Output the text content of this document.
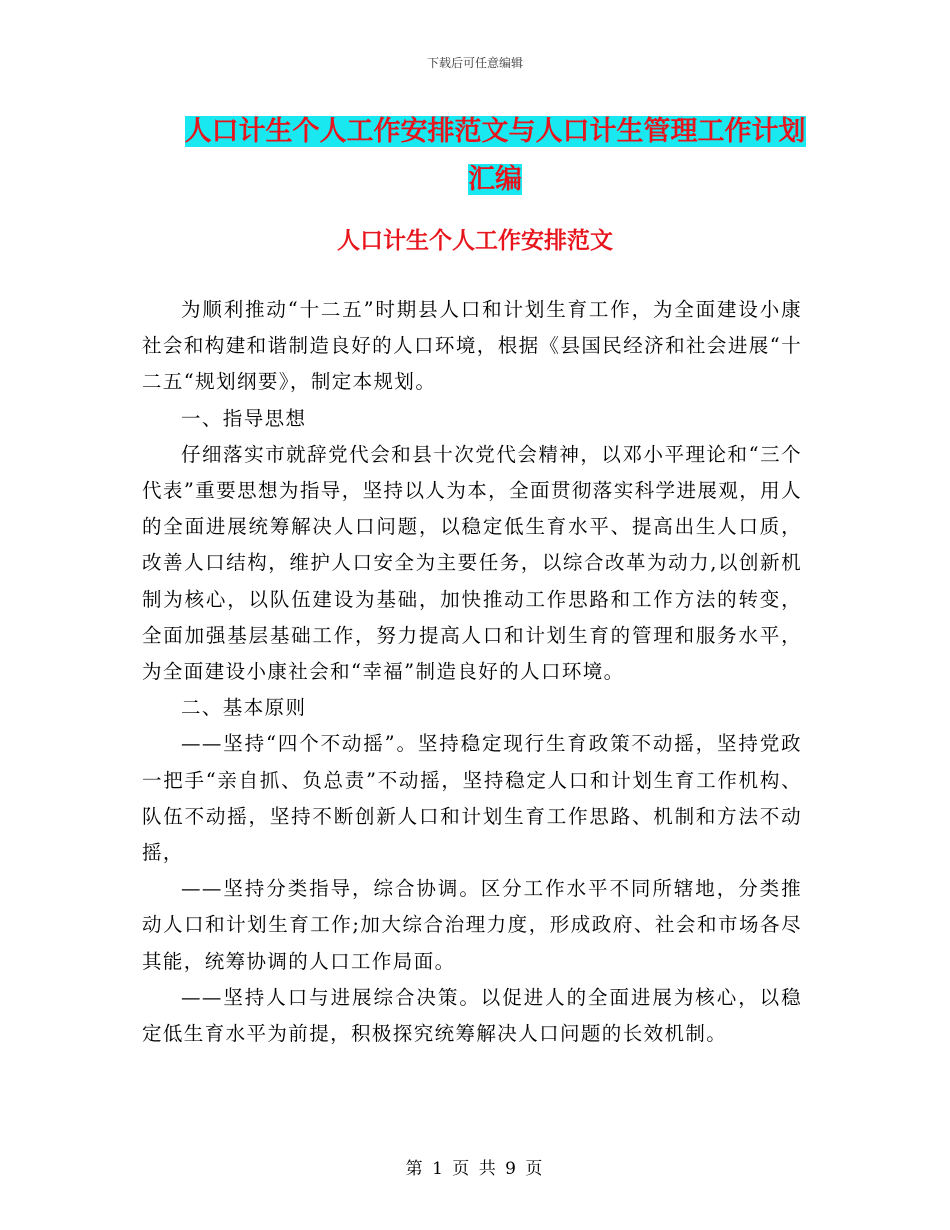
下载后可任意编辑
人口计生个人工作安排范文与人口计生管理工作计划
汇编
人口计生个人工作安排范文

为顺利推动“十二五”时期县人口和计划生育工作，为全面建设小康社会和构建和谐制造良好的人口环境，根据《县国民经济和社会进展“十二五“规划纲要》，制定本规划。

一、指导思想

仔细落实市就辞党代会和县十次党代会精神，以邓小平理论和“三个代表”重要思想为指导，坚持以人为本，全面贯彻落实科学进展观，用人的全面进展统筹解决人口问题，以稳定低生育水平、提高出生人口质，改善人口结构，维护人口安全为主要任务，以综合改革为动力,以创新机制为核心，以队伍建设为基础，加快推动工作思路和工作方法的转变，全面加强基层基础工作，努力提高人口和计划生育的管理和服务水平，为全面建设小康社会和“幸福”制造良好的人口环境。

二、基本原则

——坚持“四个不动摇”。坚持稳定现行生育政策不动摇，坚持党政一把手“亲自抓、负总责”不动摇，坚持稳定人口和计划生育工作机构、队伍不动摇，坚持不断创新人口和计划生育工作思路、机制和方法不动摇，

——坚持分类指导，综合协调。区分工作水平不同所辖地，分类推动人口和计划生育工作;加大综合治理力度，形成政府、社会和市场各尽其能，统筹协调的人口工作局面。

——坚持人口与进展综合决策。以促进人的全面进展为核心，以稳定低生育水平为前提，积极探究统筹解决人口问题的长效机制。

第 1 页 共 9 页
